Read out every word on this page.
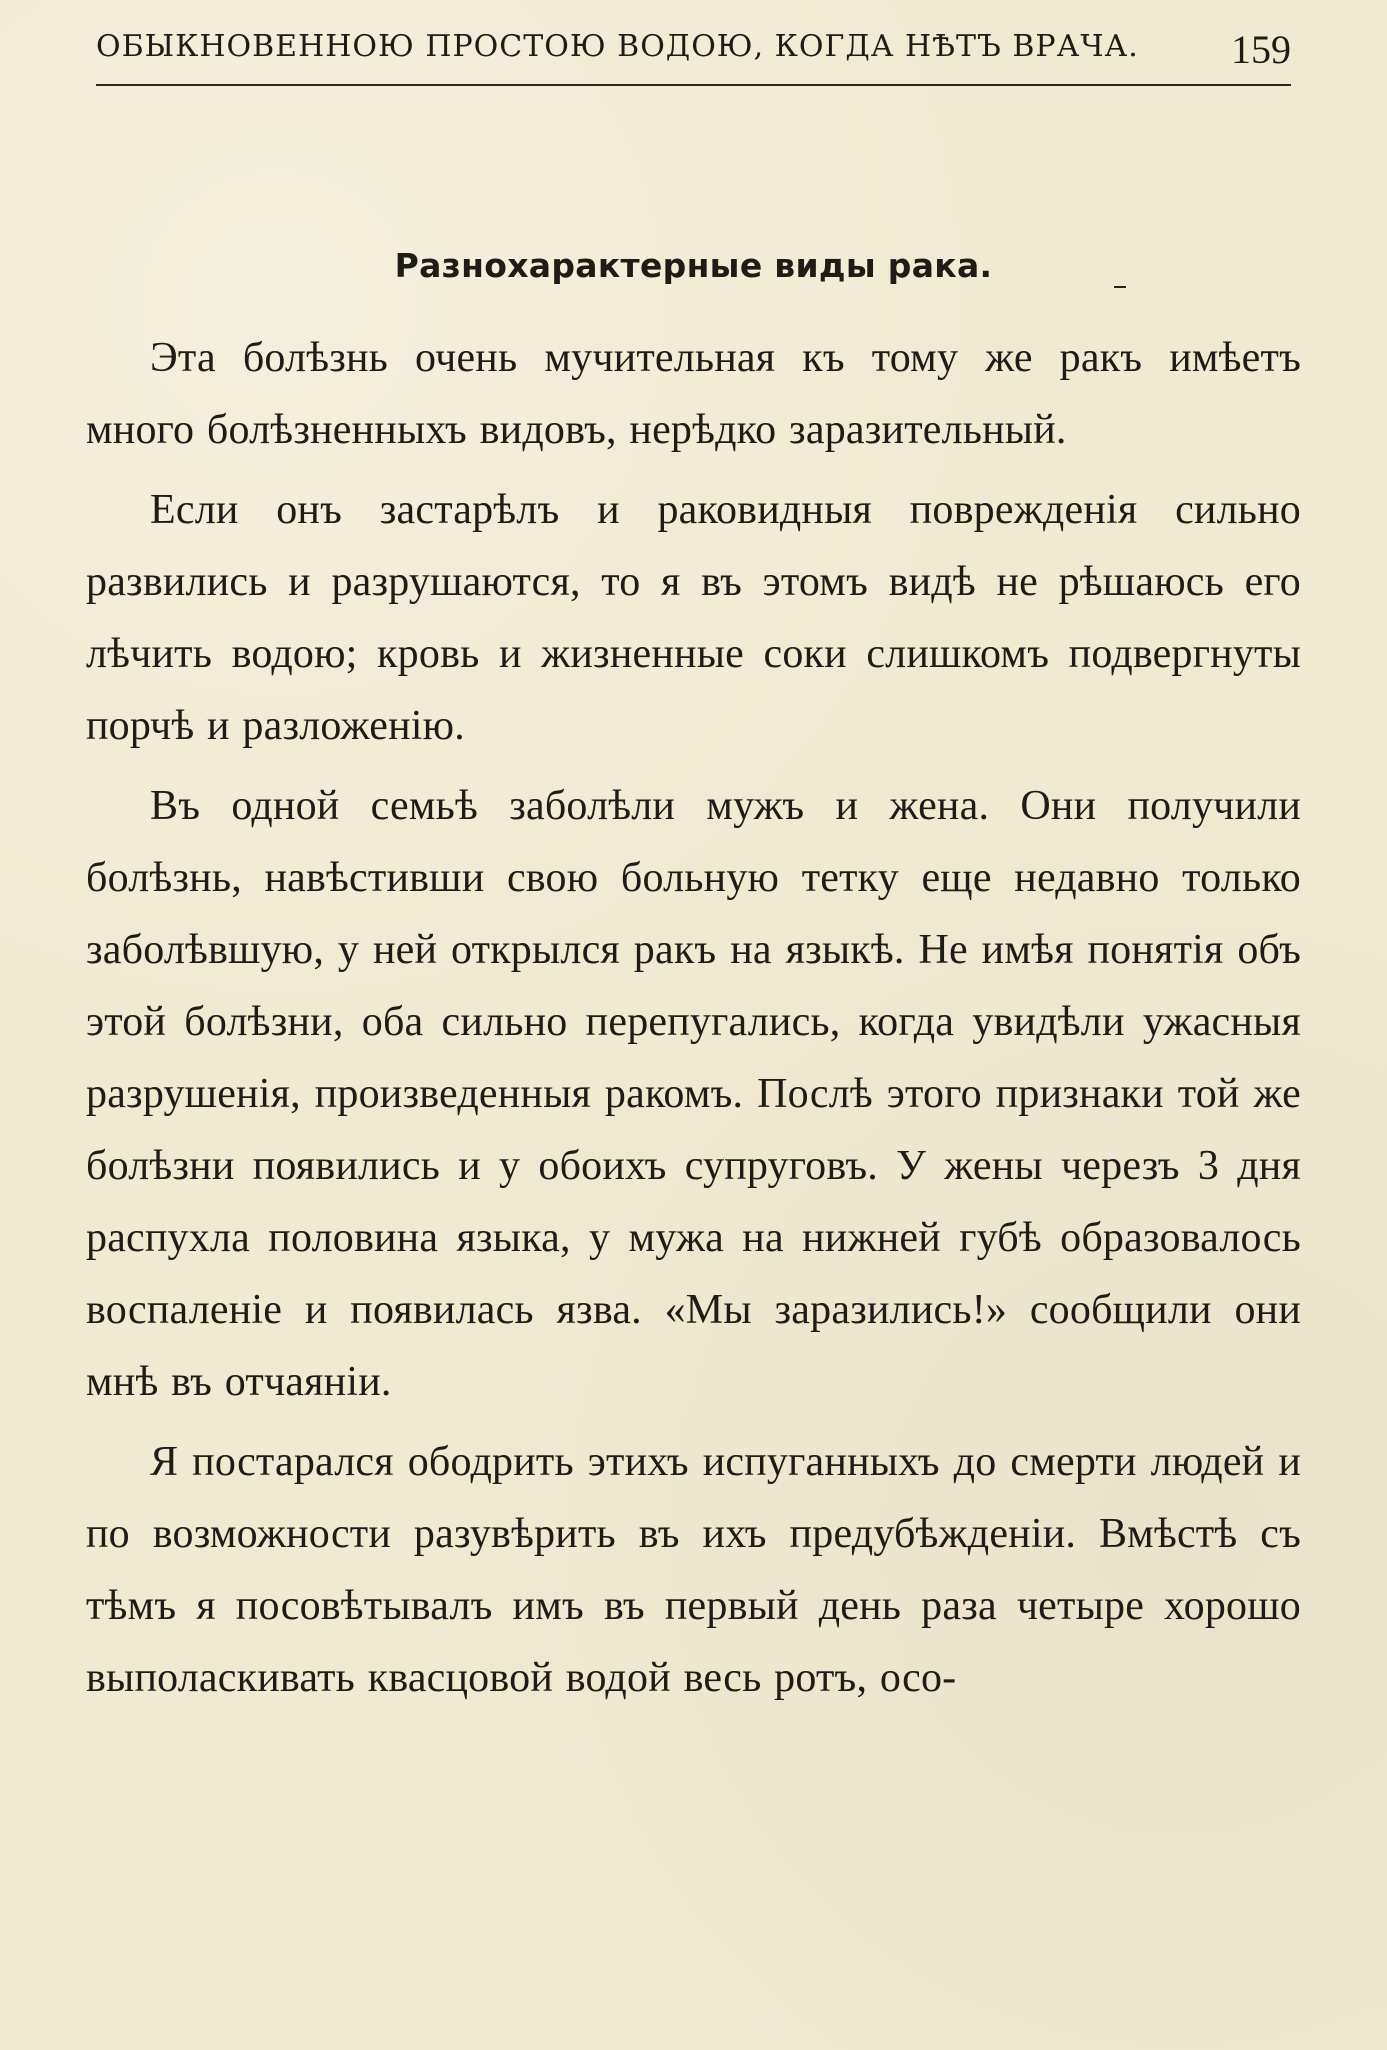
ОБЫКНОВЕННОЮ ПРОСТОЮ ВОДОЮ, КОГДА НѢТЪ ВРАЧА. 159
Разнохарактерные виды рака.

Эта болѣзнь очень мучительная къ тому же ракъ имѣетъ много болѣзненныхъ видовъ, нерѣдко заразительный.

Если онъ застарѣлъ и раковидныя поврежденія сильно развились и разрушаются, то я въ этомъ видѣ не рѣшаюсь его лѣчить водою; кровь и жизненные соки слишкомъ подвергнуты порчѣ и разложенію.

Въ одной семьѣ заболѣли мужъ и жена. Они получили болѣзнь, навѣстивши свою больную тетку еще недавно только заболѣвшую, у ней открылся ракъ на языкѣ. Не имѣя понятія объ этой болѣзни, оба сильно перепугались, когда увидѣли ужасныя разрушенія, произведенныя ракомъ. Послѣ этого признаки той же болѣзни появились и у обоихъ супруговъ. У жены черезъ 3 дня распухла половина языка, у мужа на нижней губѣ образовалось воспаленіе и появилась язва. «Мы заразились!» сообщили они мнѣ въ отчаяніи.

Я постарался ободрить этихъ испуганныхъ до смерти людей и по возможности разувѣрить въ ихъ предубѣжденіи. Вмѣстѣ съ тѣмъ я посовѣтывалъ имъ въ первый день раза четыре хорошо выполаскивать квасцовой водой весь ротъ, осо-
